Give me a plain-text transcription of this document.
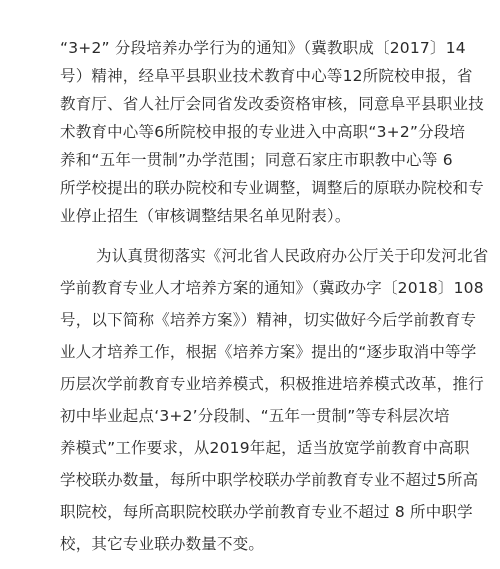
“3+2” 分段培养办学行为的通知》（冀教职成〔2017〕14
号）精神，经阜平县职业技术教育中心等12所院校申报，省
教育厅、省人社厅会同省发改委资格审核，同意阜平县职业技
术教育中心等6所院校申报的专业进入中高职“3+2”分段培
养和“五年一贯制”办学范围；同意石家庄市职教中心等 6
所学校提出的联办院校和专业调整，调整后的原联办院校和专
业停止招生（审核调整结果名单见附表）。
为认真贯彻落实《河北省人民政府办公厅关于印发河北省
学前教育专业人才培养方案的通知》（冀政办字〔2018〕108
号，以下简称《培养方案》）精神，切实做好今后学前教育专
业人才培养工作，根据《培养方案》提出的“逐步取消中等学
历层次学前教育专业培养模式，积极推进培养模式改革，推行
初中毕业起点‘3+2’分段制、“五年一贯制”等专科层次培
养模式”工作要求，从2019年起，适当放宽学前教育中高职
学校联办数量，每所中职学校联办学前教育专业不超过5所高
职院校，每所高职院校联办学前教育专业不超过 8 所中职学
校，其它专业联办数量不变。
